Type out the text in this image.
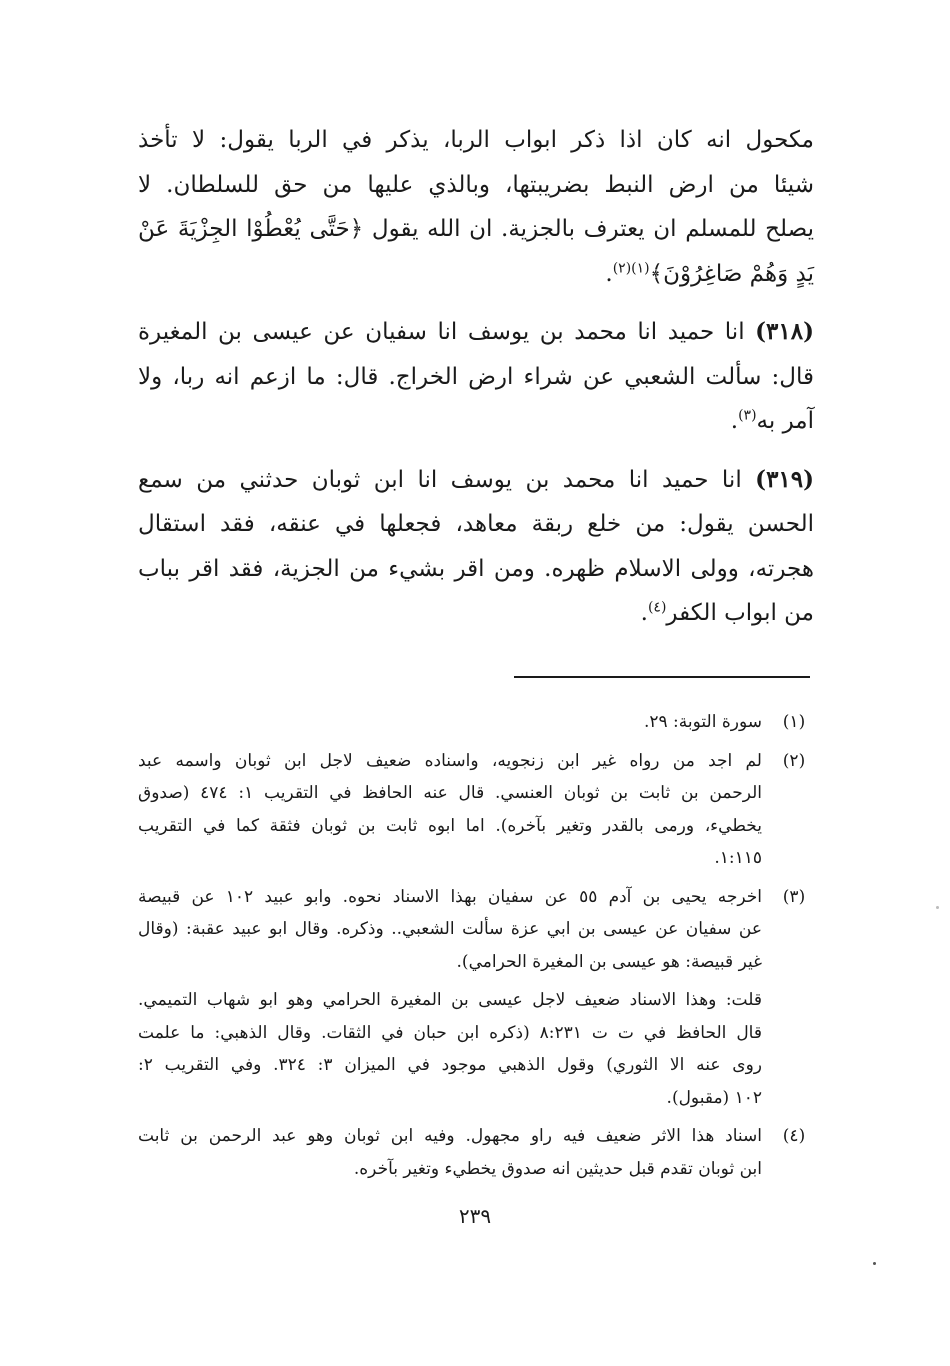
مكحول انه كان اذا ذكر ابواب الربا، يذكر في الربا يقول: لا تأخذ
شيئا من ارض النبط بضريبتها، وبالذي عليها من حق للسلطان. لا
يصلح للمسلم ان يعترف بالجزية. ان الله يقول ﴿حَتَّى يُعْطُوْا الجِزْيَةَ عَنْ
يَدٍ وَهُمْ صَاغِرُوْنَ﴾$^{(١)(٢)}$.

(٣١٨) انا حميد انا محمد بن يوسف انا سفيان عن عيسى بن المغيرة
قال: سألت الشعبي عن شراء ارض الخراج. قال: ما ازعم انه ربا، ولا
آمر به$^{(٣)}$.

(٣١٩) انا حميد انا محمد بن يوسف انا ابن ثوبان حدثني من سمع
الحسن يقول: من خلع ربقة معاهد، فجعلها في عنقه، فقد استقال
هجرته، وولى الاسلام ظهره. ومن اقر بشيء من الجزية، فقد اقر بباب
من ابواب الكفر$^{(٤)}$.

(١)
سورة التوبة: ٢٩.
(٢)
لم اجد من رواه غير ابن زنجويه، واسناده ضعيف لاجل ابن ثوبان واسمه عبد
الرحمن بن ثابت بن ثوبان العنسي. قال عنه الحافظ في التقريب ١: ٤٧٤ (صدوق
يخطيء، ورمى بالقدر وتغير بآخره). اما ابوه ثابت بن ثوبان فثقة كما في التقريب
١:١١٥.
(٣)
اخرجه يحيى بن آدم ٥٥ عن سفيان بهذا الاسناد نحوه. وابو عبيد ١٠٢ عن قبيصة
عن سفيان عن عيسى بن ابي عزة سألت الشعبي.. وذكره. وقال ابو عبيد عقبة: (وقال
غير قبيصة: هو عيسى بن المغيرة الحرامي).
قلت: وهذا الاسناد ضعيف لاجل عيسى بن المغيرة الحرامي وهو ابو شهاب التميمي.
قال الحافظ في ت ت ٨:٢٣١ (ذكره ابن حبان في الثقات. وقال الذهبي: ما علمت
روى عنه الا الثوري) وقول الذهبي موجود في الميزان ٣: ٣٢٤. وفي التقريب ٢:
١٠٢ (مقبول).
(٤)
اسناد هذا الاثر ضعيف فيه راو مجهول. وفيه ابن ثوبان وهو عبد الرحمن بن ثابت
ابن ثوبان تقدم قبل حديثين انه صدوق يخطيء وتغير بآخره.
٢٣٩
